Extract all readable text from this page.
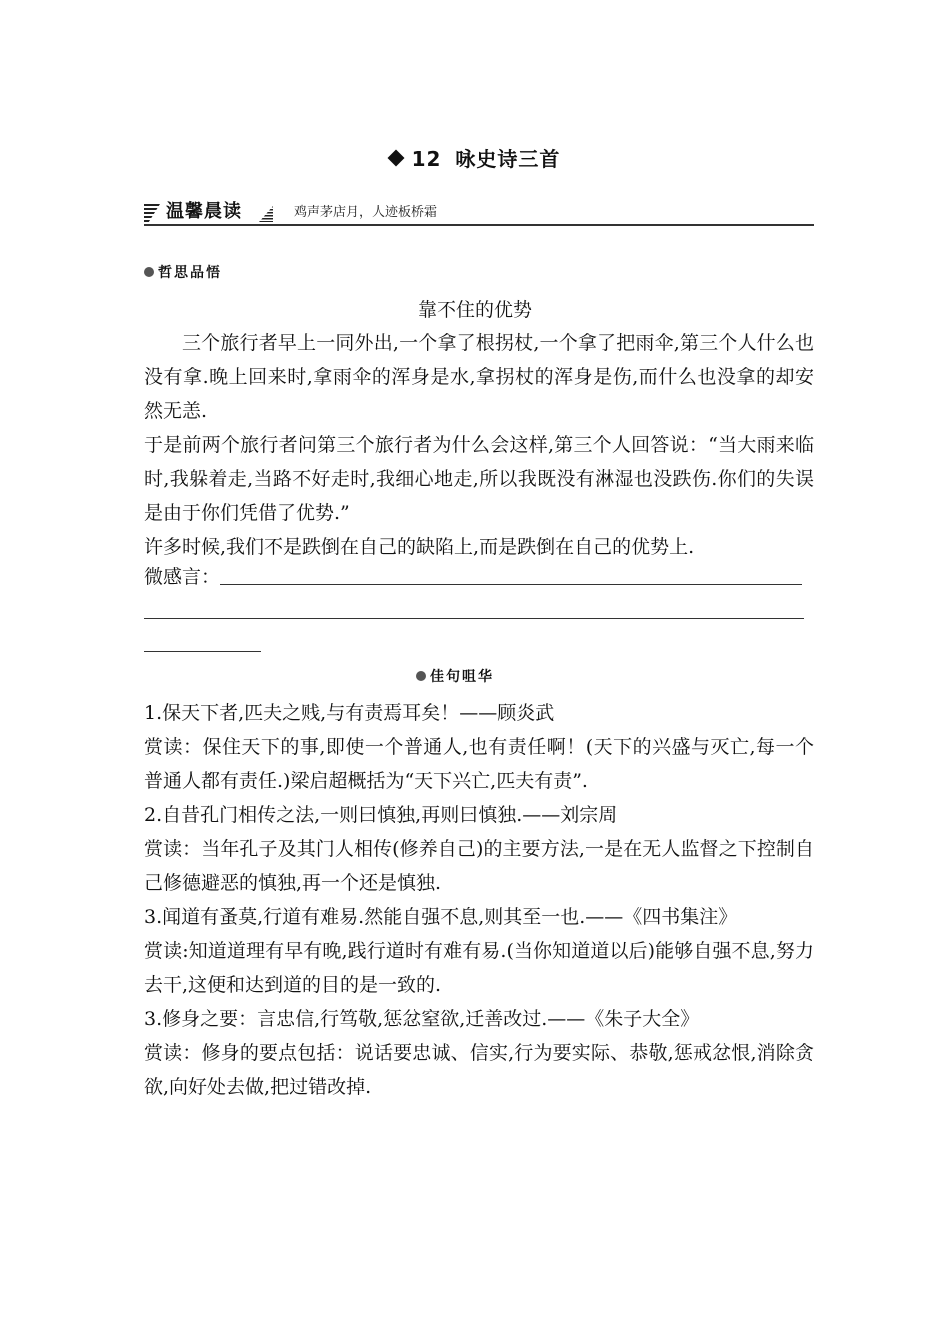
12 咏史诗三首
温馨晨读	鸡声茅店月，人迹板桥霜
哲思品悟
靠不住的优势

三个旅行者早上一同外出,一个拿了根拐杖,一个拿了把雨伞,第三个人什么也没有拿.晚上回来时,拿雨伞的浑身是水,拿拐杖的浑身是伤,而什么也没拿的却安然无恙.

于是前两个旅行者问第三个旅行者为什么会这样,第三个人回答说：“当大雨来临时,我躲着走,当路不好走时,我细心地走,所以我既没有淋湿也没跌伤.你们的失误是由于你们凭借了优势.”

许多时候,我们不是跌倒在自己的缺陷上,而是跌倒在自己的优势上.

微感言：
佳句咀华

1.保天下者,匹夫之贱,与有责焉耳矣！——顾炎武

赏读：保住天下的事,即使一个普通人,也有责任啊！(天下的兴盛与灭亡,每一个普通人都有责任.)梁启超概括为“天下兴亡,匹夫有责”.

2.自昔孔门相传之法,一则曰慎独,再则曰慎独.——刘宗周

赏读：当年孔子及其门人相传(修养自己)的主要方法,一是在无人监督之下控制自己修德避恶的慎独,再一个还是慎独.

3.闻道有蚤莫,行道有难易.然能自强不息,则其至一也.——《四书集注》

赏读:知道道理有早有晚,践行道时有难有易.(当你知道道以后)能够自强不息,努力去干,这便和达到道的目的是一致的.

3.修身之要：言忠信,行笃敬,惩忿窒欲,迁善改过.——《朱子大全》

赏读：修身的要点包括：说话要忠诚、信实,行为要实际、恭敬,惩戒忿恨,消除贪欲,向好处去做,把过错改掉.
